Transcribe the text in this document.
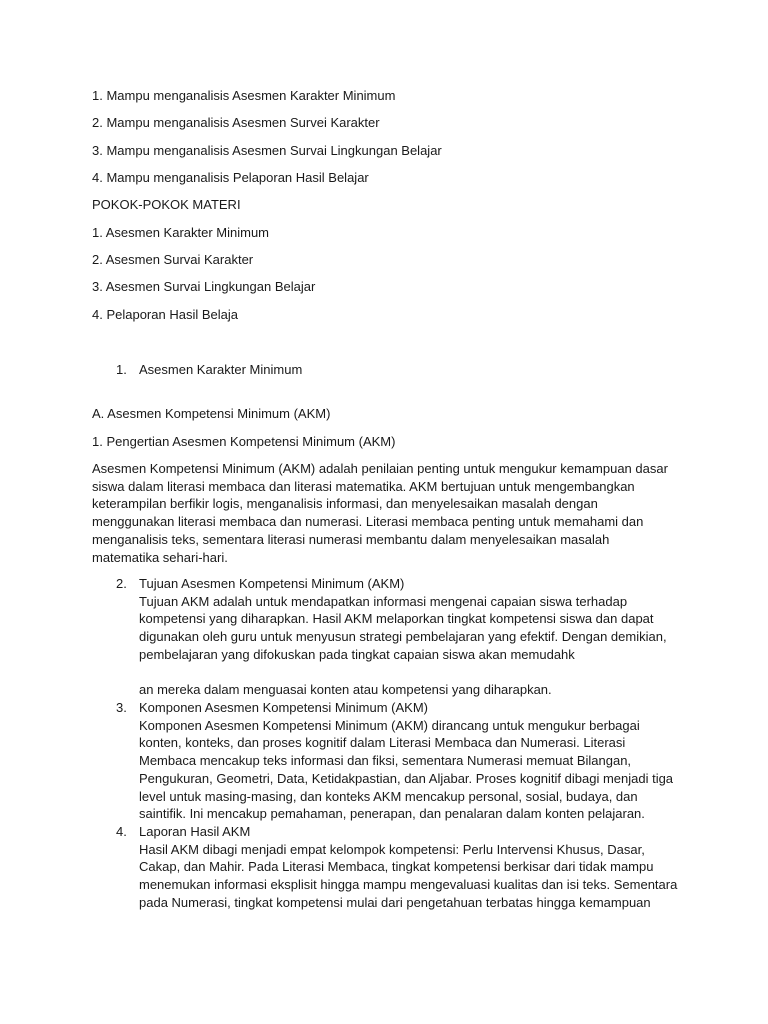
1. Mampu menganalisis Asesmen Karakter Minimum
2. Mampu menganalisis Asesmen Survei Karakter
3. Mampu menganalisis Asesmen Survai Lingkungan Belajar
4. Mampu menganalisis Pelaporan Hasil Belajar
POKOK-POKOK MATERI
1. Asesmen Karakter Minimum
2. Asesmen Survai Karakter
3. Asesmen Survai Lingkungan Belajar
4. Pelaporan Hasil Belaja
1. Asesmen Karakter Minimum
A. Asesmen Kompetensi Minimum (AKM)
1. Pengertian Asesmen Kompetensi Minimum (AKM)
Asesmen Kompetensi Minimum (AKM) adalah penilaian penting untuk mengukur kemampuan dasar
siswa dalam literasi membaca dan literasi matematika. AKM bertujuan untuk mengembangkan
keterampilan berfikir logis, menganalisis informasi, dan menyelesaikan masalah dengan
menggunakan literasi membaca dan numerasi. Literasi membaca penting untuk memahami dan
menganalisis teks, sementara literasi numerasi membantu dalam menyelesaikan masalah
matematika sehari-hari.
2. Tujuan Asesmen Kompetensi Minimum (AKM)
Tujuan AKM adalah untuk mendapatkan informasi mengenai capaian siswa terhadap
kompetensi yang diharapkan. Hasil AKM melaporkan tingkat kompetensi siswa dan dapat
digunakan oleh guru untuk menyusun strategi pembelajaran yang efektif. Dengan demikian,
pembelajaran yang difokuskan pada tingkat capaian siswa akan memudahk
an mereka dalam menguasai konten atau kompetensi yang diharapkan.
3. Komponen Asesmen Kompetensi Minimum (AKM)
Komponen Asesmen Kompetensi Minimum (AKM) dirancang untuk mengukur berbagai
konten, konteks, dan proses kognitif dalam Literasi Membaca dan Numerasi. Literasi
Membaca mencakup teks informasi dan fiksi, sementara Numerasi memuat Bilangan,
Pengukuran, Geometri, Data, Ketidakpastian, dan Aljabar. Proses kognitif dibagi menjadi tiga
level untuk masing-masing, dan konteks AKM mencakup personal, sosial, budaya, dan
saintifik. Ini mencakup pemahaman, penerapan, dan penalaran dalam konten pelajaran.
4. Laporan Hasil AKM
Hasil AKM dibagi menjadi empat kelompok kompetensi: Perlu Intervensi Khusus, Dasar,
Cakap, dan Mahir. Pada Literasi Membaca, tingkat kompetensi berkisar dari tidak mampu
menemukan informasi eksplisit hingga mampu mengevaluasi kualitas dan isi teks. Sementara
pada Numerasi, tingkat kompetensi mulai dari pengetahuan terbatas hingga kemampuan
